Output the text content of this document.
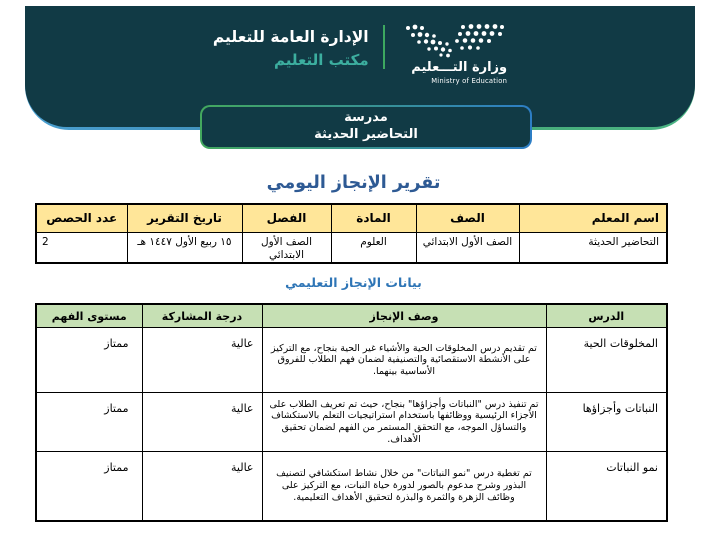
وزارة التـــعليم
Ministry of Education
الإدارة العامة للتعليم
مكتب التعليم
مدرسة
التحاضير الحديثة
تقرير الإنجاز اليومي
اسم المعلم	الصف	المادة	الفصل	تاريخ التقرير	عدد الحصص
التحاضير الحديثة	الصف الأول الابتدائي	العلوم	الصف الأول الابتدائي	١٥ ربيع الأول ١٤٤٧ هـ	2
بيانات الإنجاز التعليمي
الدرس	وصف الإنجاز	درجة المشاركة	مستوى الفهم
المخلوقات الحية	تم تقديم درس المخلوقات الحية والأشياء غير الحية بنجاح، مع التركيز على الأنشطة الاستقصائية والتصنيفية لضمان فهم الطلاب للفروق الأساسية بينهما.	عالية	ممتاز
النباتات وأجزاؤها	تم تنفيذ درس "النباتات وأجزاؤها" بنجاح، حيث تم تعريف الطلاب على الأجزاء الرئيسية ووظائفها باستخدام استراتيجيات التعلم بالاستكشاف والتساؤل الموجه، مع التحقق المستمر من الفهم لضمان تحقيق الأهداف.	عالية	ممتاز
نمو النباتات	تم تغطية درس "نمو النباتات" من خلال نشاط استكشافي لتصنيف البذور وشرح مدعوم بالصور لدورة حياة النبات، مع التركيز على وظائف الزهرة والثمرة والبذرة لتحقيق الأهداف التعليمية.	عالية	ممتاز
